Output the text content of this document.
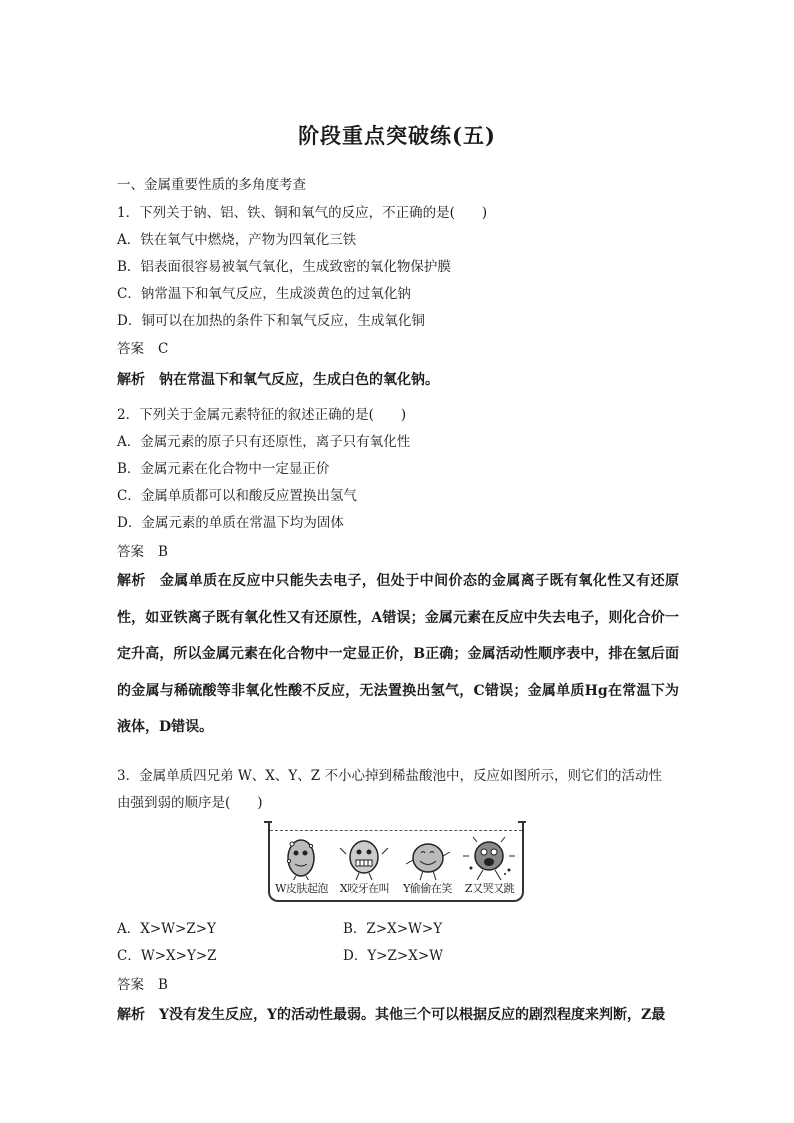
阶段重点突破练(五)
一、金属重要性质的多角度考查
1．下列关于钠、铝、铁、铜和氧气的反应，不正确的是(　　)
A．铁在氧气中燃烧，产物为四氧化三铁
B．铝表面很容易被氧气氧化，生成致密的氧化物保护膜
C．钠常温下和氧气反应，生成淡黄色的过氧化钠
D．铜可以在加热的条件下和氧气反应，生成氧化铜
答案 C
解析 钠在常温下和氧气反应，生成白色的氧化钠。
2．下列关于金属元素特征的叙述正确的是(　　)
A．金属元素的原子只有还原性，离子只有氧化性
B．金属元素在化合物中一定显正价
C．金属单质都可以和酸反应置换出氢气
D．金属元素的单质在常温下均为固体
答案 B
解析 金属单质在反应中只能失去电子，但处于中间价态的金属离子既有氧化性又有还原性，如亚铁离子既有氧化性又有还原性，A错误；金属元素在反应中失去电子，则化合价一定升高，所以金属元素在化合物中一定显正价，B正确；金属活动性顺序表中，排在氢后面的金属与稀硫酸等非氧化性酸不反应，无法置换出氢气，C错误；金属单质Hg在常温下为液体，D错误。
3．金属单质四兄弟 W、X、Y、Z 不小心掉到稀盐酸池中，反应如图所示，则它们的活动性
由强到弱的顺序是(　　)
W皮肤起泡	X咬牙在叫	Y偷偷在笑	Z又哭又跳
A．X>W>Z>Y	B．Z>X>W>Y
C．W>X>Y>Z	D．Y>Z>X>W
答案 B
解析 Y没有发生反应，Y的活动性最弱。其他三个可以根据反应的剧烈程度来判断，Z最
